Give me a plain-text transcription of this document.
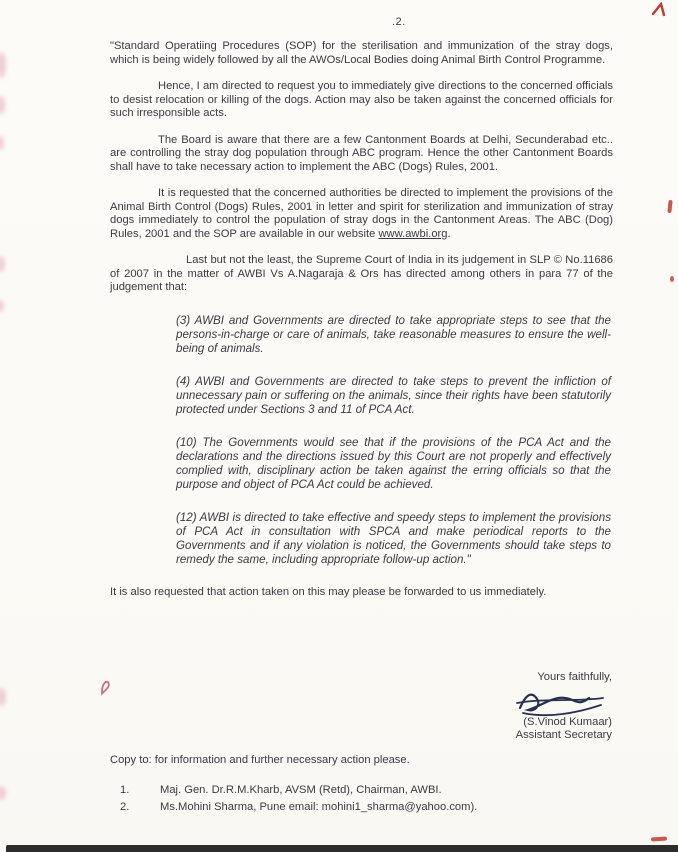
.2.

"Standard Operatiing Procedures (SOP) for the sterilisation and immunization of the stray dogs, which is being widely followed by all the AWOs/Local Bodies doing Animal Birth Control Programme.

Hence, I am directed to request you to immediately give directions to the concerned officials to desist relocation or killing of the dogs. Action may also be taken against the concerned officials for such irresponsible acts.

The Board is aware that there are a few Cantonment Boards at Delhi, Secunderabad etc.. are controlling the stray dog population through ABC program. Hence the other Cantonment Boards shall have to take necessary action to implement the ABC (Dogs) Rules, 2001.

It is requested that the concerned authorities be directed to implement the provisions of the Animal Birth Control (Dogs) Rules, 2001 in letter and spirit for sterilization and immunization of stray dogs immediately to control the population of stray dogs in the Cantonment Areas. The ABC (Dog) Rules, 2001 and the SOP are available in our website www.awbi.org.

Last but not the least, the Supreme Court of India in its judgement in SLP © No.11686 of 2007 in the matter of AWBI Vs A.Nagaraja & Ors has directed among others in para 77 of the judgement that:

(3) AWBI and Governments are directed to take appropriate steps to see that the persons-in-charge or care of animals, take reasonable measures to ensure the well-being of animals.
(4) AWBI and Governments are directed to take steps to prevent the infliction of unnecessary pain or suffering on the animals, since their rights have been statutorily protected under Sections 3 and 11 of PCA Act.
(10) The Governments would see that if the provisions of the PCA Act and the declarations and the directions issued by this Court are not properly and effectively complied with, disciplinary action be taken against the erring officials so that the purpose and object of PCA Act could be achieved.
(12) AWBI is directed to take effective and speedy steps to implement the provisions of PCA Act in consultation with SPCA and make periodical reports to the Governments and if any violation is noticed, the Governments should take steps to remedy the same, including appropriate follow-up action."

It is also requested that action taken on this may please be forwarded to us immediately.

Yours faithfully,
(S.Vinod Kumaar)
Assistant Secretary
Copy to: for information and further necessary action please.
1.	Maj. Gen. Dr.R.M.Kharb, AVSM (Retd), Chairman, AWBI.
2.	Ms.Mohini Sharma, Pune email: mohini1_sharma@yahoo.com).
